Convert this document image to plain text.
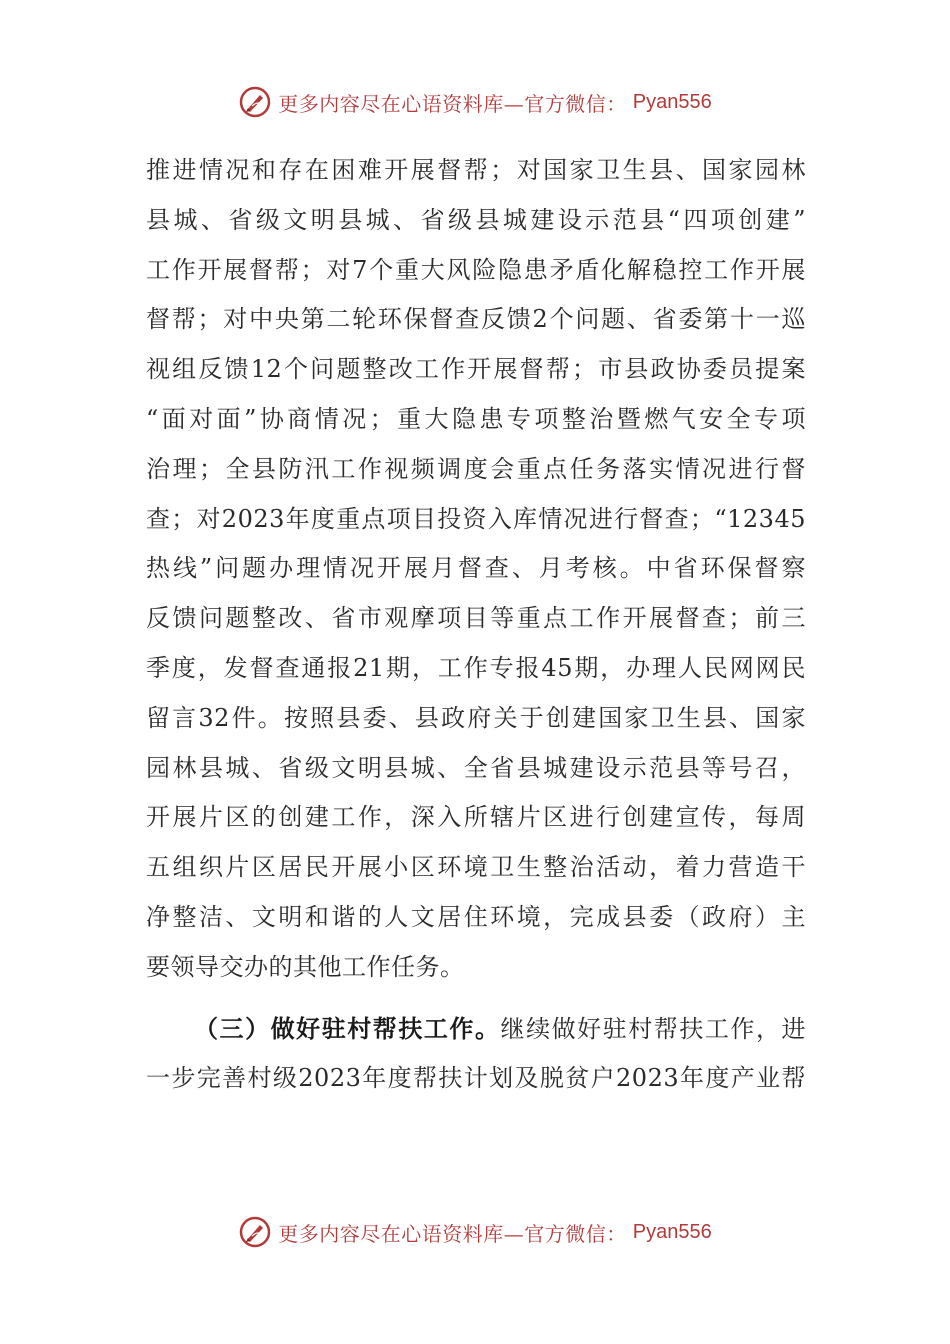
更多内容尽在心语资料库—官方微信： Pyan556
推进情况和存在困难开展督帮；对国家卫生县、国家园林
县城、省级文明县城、省级县城建设示范县“四项创建”
工作开展督帮；对7个重大风险隐患矛盾化解稳控工作开展
督帮；对中央第二轮环保督查反馈2个问题、省委第十一巡
视组反馈12个问题整改工作开展督帮；市县政协委员提案
“面对面”协商情况；重大隐患专项整治暨燃气安全专项
治理；全县防汛工作视频调度会重点任务落实情况进行督
查；对2023年度重点项目投资入库情况进行督查；“12345
热线”问题办理情况开展月督查、月考核。中省环保督察
反馈问题整改、省市观摩项目等重点工作开展督查；前三
季度，发督查通报21期，工作专报45期，办理人民网网民
留言32件。按照县委、县政府关于创建国家卫生县、国家
园林县城、省级文明县城、全省县城建设示范县等号召，
开展片区的创建工作，深入所辖片区进行创建宣传，每周
五组织片区居民开展小区环境卫生整治活动，着力营造干
净整洁、文明和谐的人文居住环境，完成县委（政府）主
要领导交办的其他工作任务。
（三）做好驻村帮扶工作。继续做好驻村帮扶工作，进
一步完善村级2023年度帮扶计划及脱贫户2023年度产业帮
更多内容尽在心语资料库—官方微信： Pyan556
